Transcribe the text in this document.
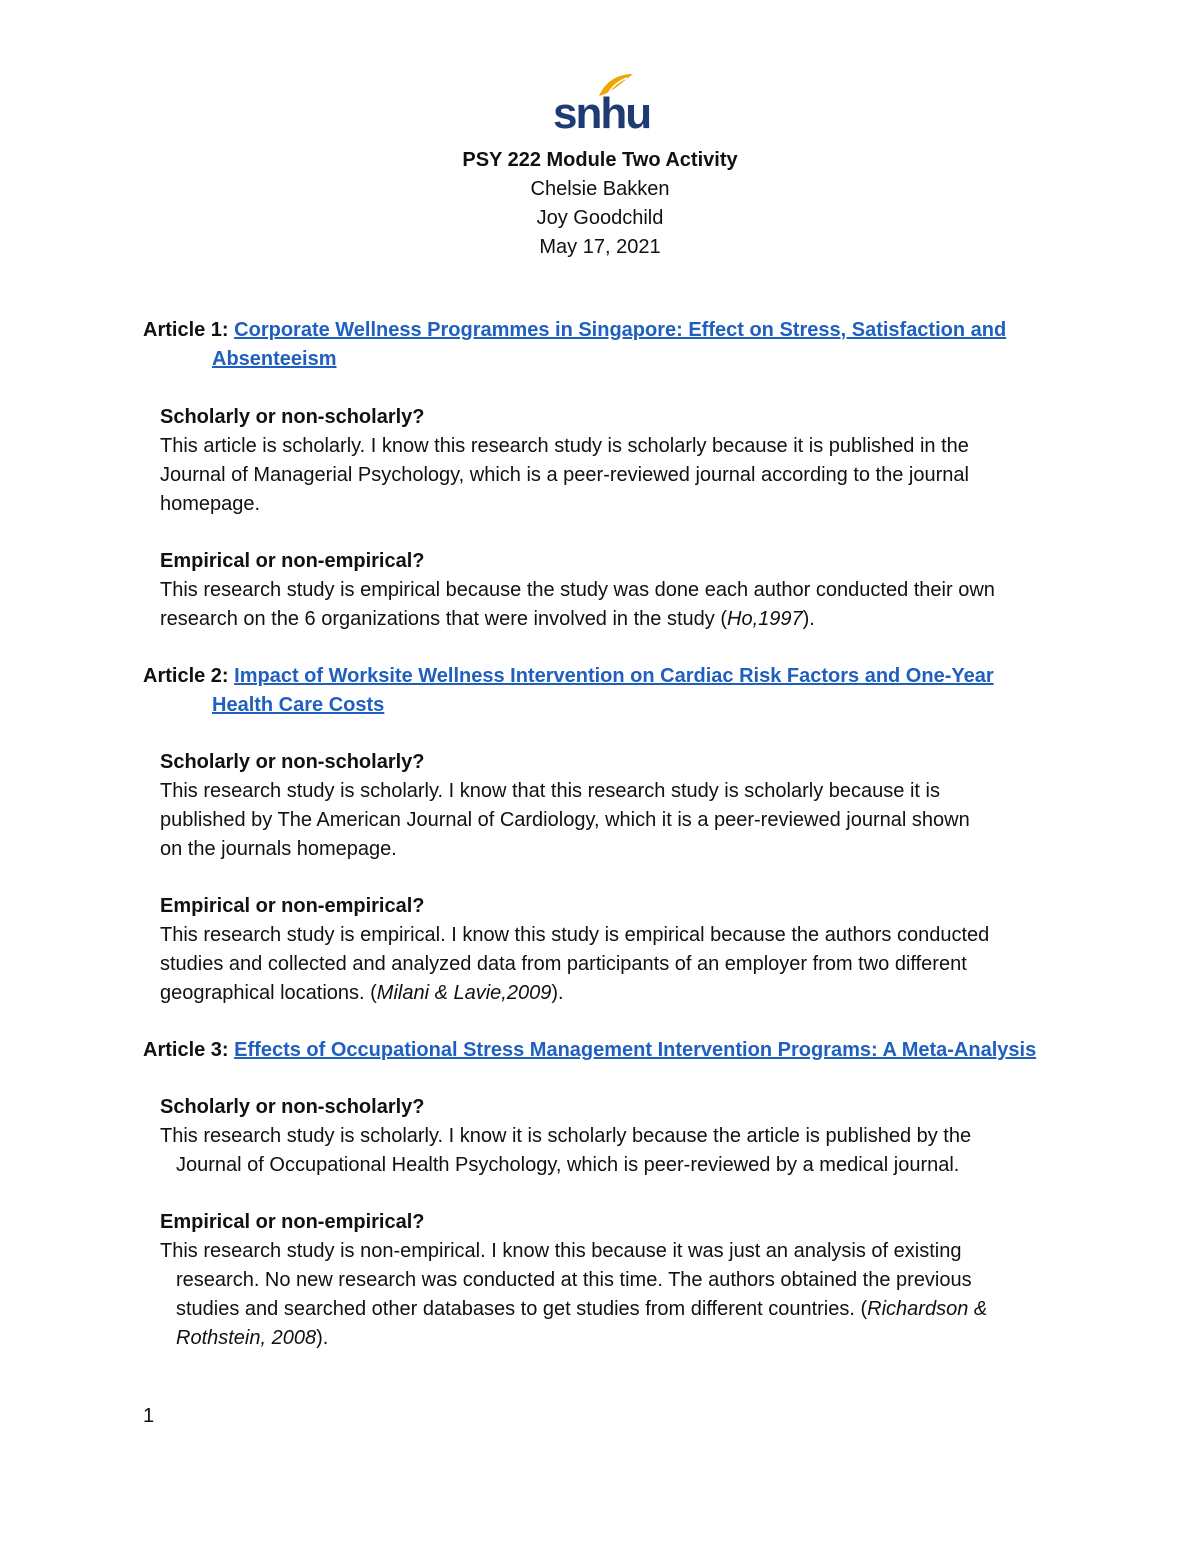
snhu
PSY 222 Module Two Activity
Chelsie Bakken
Joy Goodchild
May 17, 2021
Article 1: Corporate Wellness Programmes in Singapore: Effect on Stress, Satisfaction and
Absenteeism
Scholarly or non-scholarly?
This article is scholarly. I know this research study is scholarly because it is published in the
Journal of Managerial Psychology, which is a peer-reviewed journal according to the journal
homepage.
Empirical or non-empirical?
This research study is empirical because the study was done each author conducted their own
research on the 6 organizations that were involved in the study (Ho,1997).
Article 2: Impact of Worksite Wellness Intervention on Cardiac Risk Factors and One-Year
Health Care Costs
Scholarly or non-scholarly?
This research study is scholarly. I know that this research study is scholarly because it is
published by The American Journal of Cardiology, which it is a peer-reviewed journal shown
on the journals homepage.
Empirical or non-empirical?
This research study is empirical. I know this study is empirical because the authors conducted
studies and collected and analyzed data from participants of an employer from two different
geographical locations. (Milani & Lavie,2009).
Article 3: Effects of Occupational Stress Management Intervention Programs: A Meta-Analysis
Scholarly or non-scholarly?
This research study is scholarly. I know it is scholarly because the article is published by the
Journal of Occupational Health Psychology, which is peer-reviewed by a medical journal.
Empirical or non-empirical?
This research study is non-empirical. I know this because it was just an analysis of existing
research. No new research was conducted at this time. The authors obtained the previous
studies and searched other databases to get studies from different countries. (Richardson &
Rothstein, 2008).
1
